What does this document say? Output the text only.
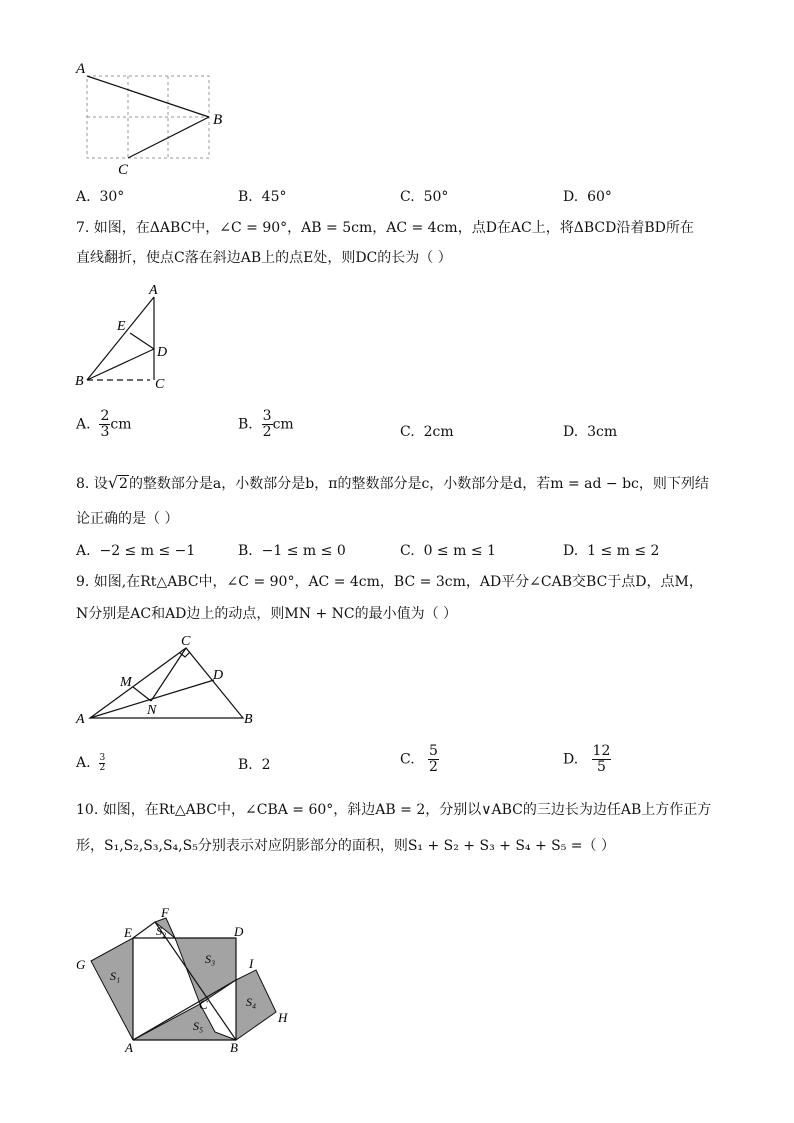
A
B
C
A. 30°	B. 45°	C. 50°	D. 60°
7. 如图，在ΔABC中，∠C = 90°，AB = 5cm，AC = 4cm，点D在AC上，将ΔBCD沿着BD所在
直线翻折，使点C落在斜边AB上的点E处，则DC的长为（ ）
A
E
D
B	C
A. $\frac{2}{3}$ cm	B. $\frac{3}{2}$ cm	C. 2cm	D. 3cm
8. 设√2的整数部分是a，小数部分是b，π的整数部分是c，小数部分是d，若m = ad − bc，则下列结
论正确的是（ ）
A. −2 ≤ m ≤ −1	B. −1 ≤ m ≤ 0	C. 0 ≤ m ≤ 1	D. 1 ≤ m ≤ 2
9. 如图,在Rt△ABC中，∠C = 90°，AC = 4cm，BC = 3cm，AD平分∠CAB交BC于点D，点M，
N分别是AC和AD边上的动点，则MN + NC的最小值为（ ）
C
M	D
N
A	B
A. $\frac{3}{2}$	B. 2	C. $\frac{5}{2}$	D. $\frac{12}{5}$
10. 如图，在Rt△ABC中，∠CBA = 60°，斜边AB = 2，分别以∨ABC的三边长为边任AB上方作正方
形，S₁,S₂,S₃,S₄,S₅分别表示对应阴影部分的面积，则S₁ + S₂ + S₃ + S₄ + S₅ =（ ）
F
E	D
G	I
C
H
A	B
S₁
S₂
S₃
S₄
S₅
